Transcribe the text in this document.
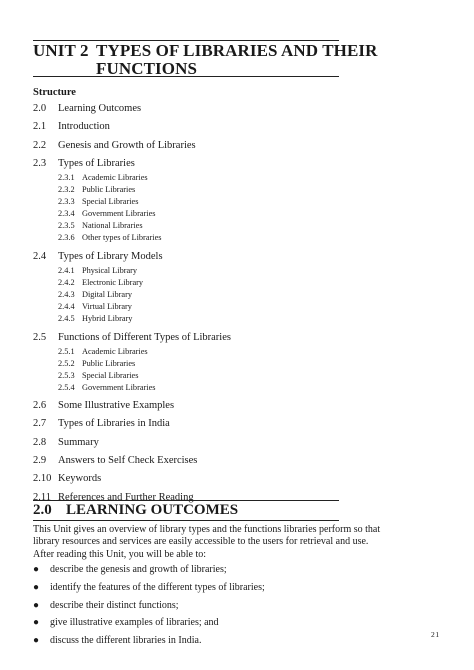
UNIT 2 TYPES OF LIBRARIES AND THEIR
FUNCTIONS
Structure
2.0	Learning Outcomes
2.1	Introduction
2.2	Genesis and Growth of Libraries
2.3	Types of Libraries
2.3.1 Academic Libraries
2.3.2 Public Libraries
2.3.3 Special Libraries
2.3.4 Government Libraries
2.3.5 National Libraries
2.3.6 Other types of Libraries
2.4	Types of Library Models
2.4.1 Physical Library
2.4.2 Electronic Library
2.4.3 Digital Library
2.4.4 Virtual Library
2.4.5 Hybrid Library
2.5	Functions of Different Types of Libraries
2.5.1 Academic Libraries
2.5.2 Public Libraries
2.5.3 Special Libraries
2.5.4 Government Libraries
2.6	Some Illustrative Examples
2.7	Types of Libraries in India
2.8	Summary
2.9	Answers to Self Check Exercises
2.10 Keywords
2.11 References and Further Reading
2.0 LEARNING OUTCOMES
This Unit gives an overview of library types and the functions libraries perform so that
library resources and services are easily accessible to the users for retrieval and use.
After reading this Unit, you will be able to:
●	describe the genesis and growth of libraries;
●	identify the features of the different types of libraries;
●	describe their distinct functions;
●	give illustrative examples of libraries; and
●	discuss the different libraries in India.
21
